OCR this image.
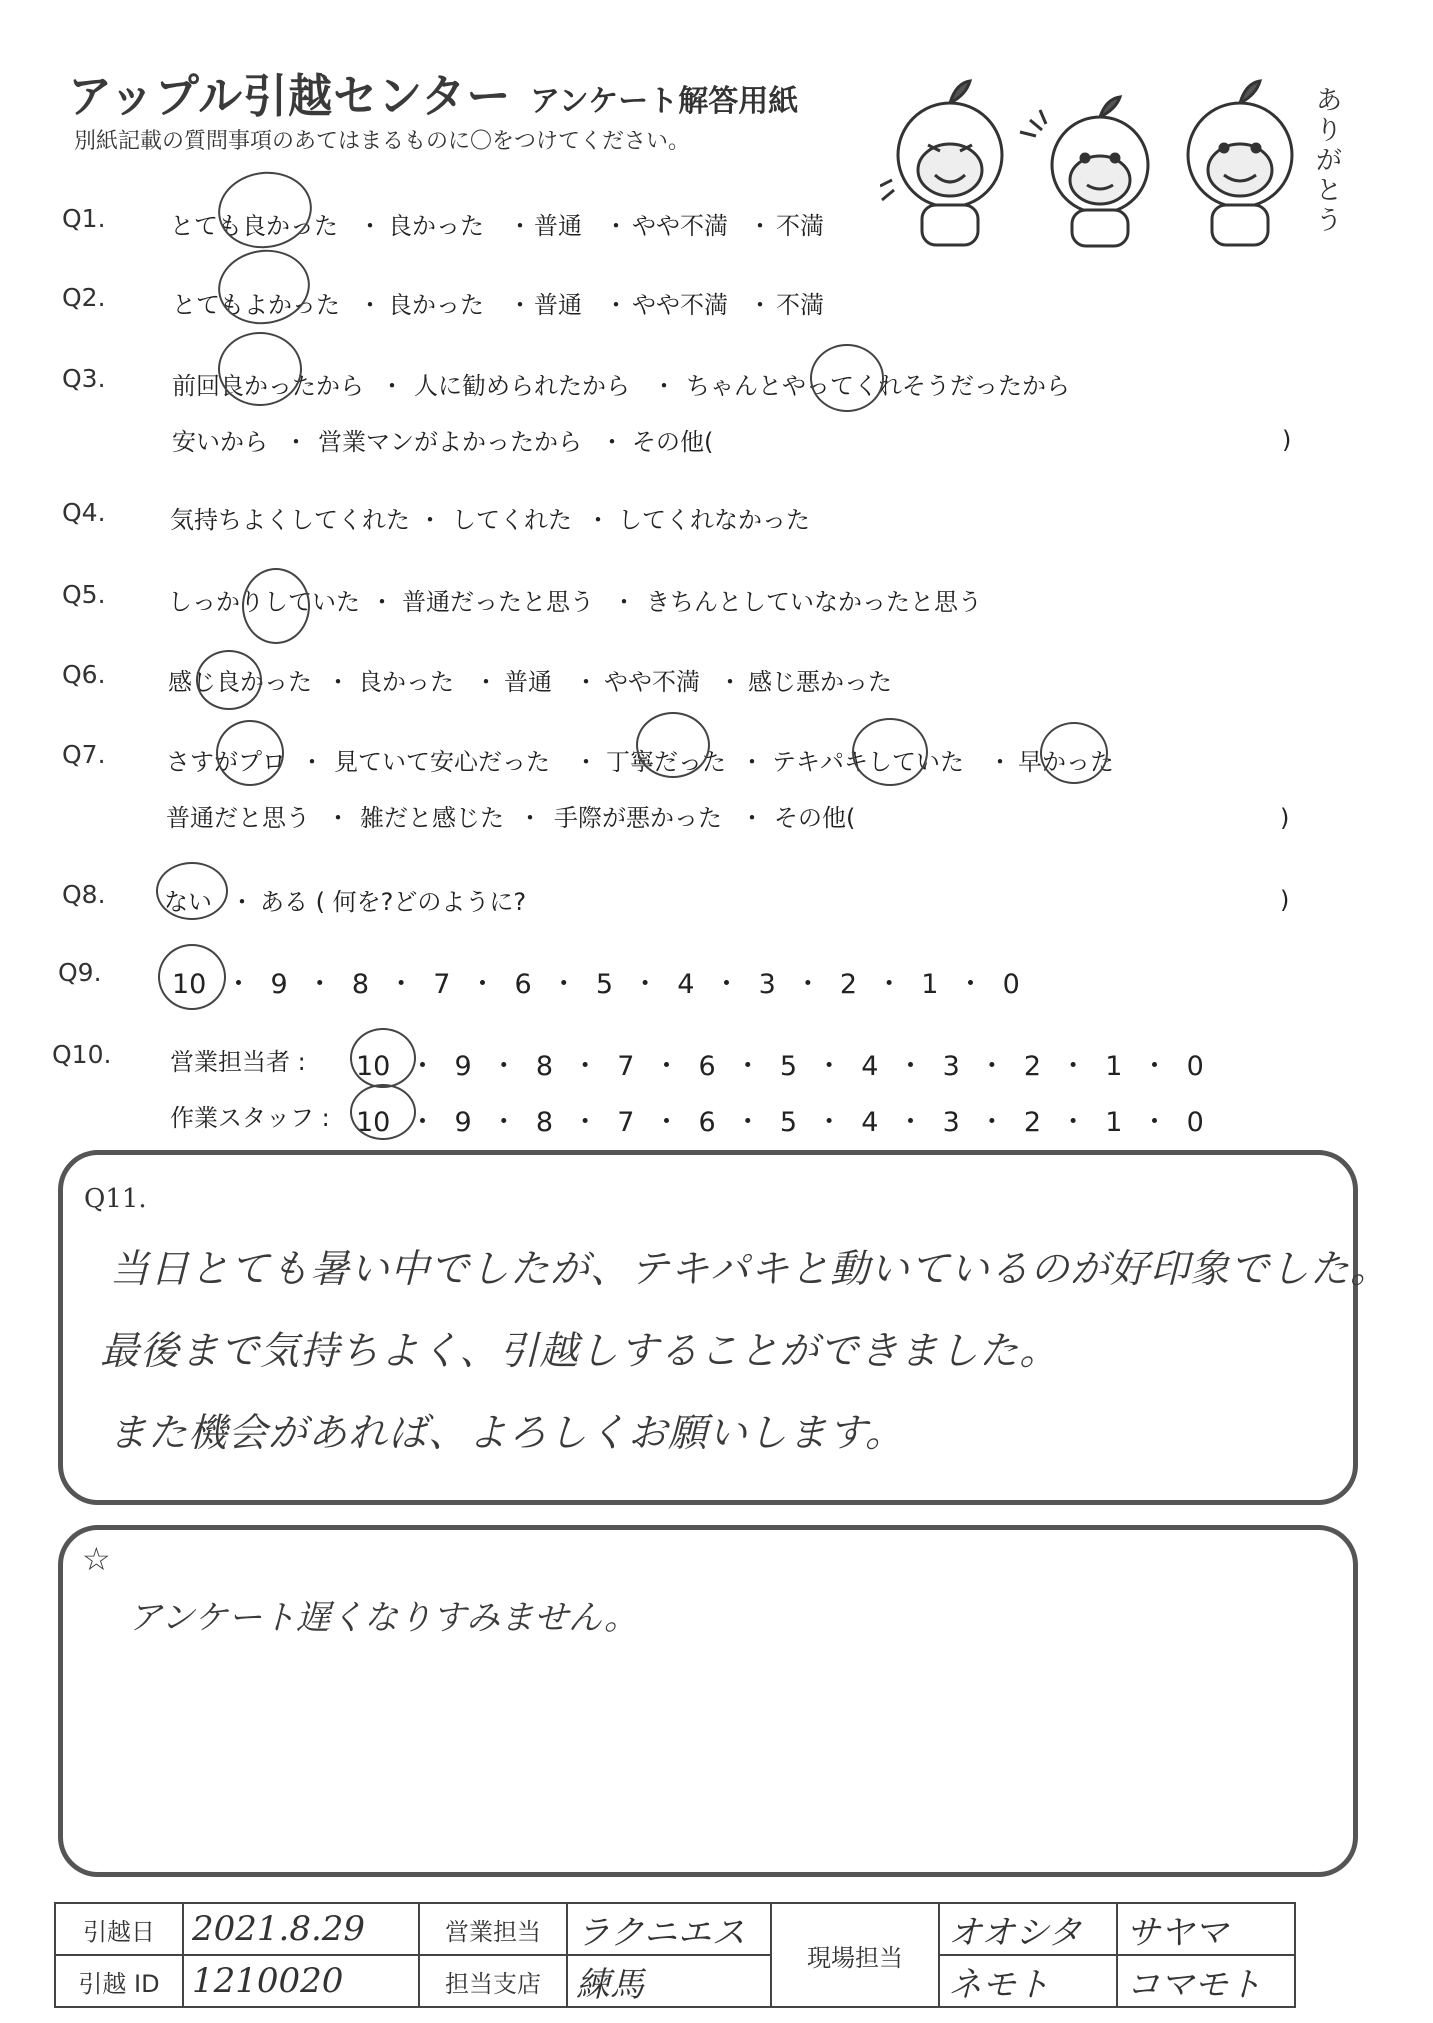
アップル引越センター アンケート解答用紙
別紙記載の質問事項のあてはまるものに〇をつけてください。
ありがとう
Q1.	とても良かった ・ 良かった ・ 普通 ・ やや不満 ・ 不満
Q2.	とてもよかった ・ 良かった ・ 普通 ・ やや不満 ・ 不満
Q3.	前回良かったから ・ 人に勧められたから ・ ちゃんとやってくれそうだったから
安いから ・ 営業マンがよかったから ・ その他(	)
Q4.	気持ちよくしてくれた ・ してくれた ・ してくれなかった
Q5.	しっかりしていた ・ 普通だったと思う ・ きちんとしていなかったと思う
Q6.	感じ良かった ・ 良かった ・ 普通 ・ やや不満 ・ 感じ悪かった
Q7.	さすがプロ ・ 見ていて安心だった ・ 丁寧だった ・ テキパキしていた ・ 早かった
普通だと思う ・ 雑だと感じた ・ 手際が悪かった ・ その他(	)
Q8. ない ・ ある ( 何を?どのように?	)
Q9.	10 ・ 9 ・ 8 ・ 7 ・ 6 ・ 5 ・ 4 ・ 3 ・ 2 ・ 1 ・ 0
Q10. 営業担当者 : 10 ・ 9 ・ 8 ・ 7 ・ 6 ・ 5 ・ 4 ・ 3 ・ 2 ・ 1 ・ 0
作業スタッフ : 10 ・ 9 ・ 8 ・ 7 ・ 6 ・ 5 ・ 4 ・ 3 ・ 2 ・ 1 ・ 0
Q11.
当日とても暑い中でしたが、テキパキと動いているのが好印象でした。
最後まで気持ちよく、引越しすることができました。
また機会があれば、よろしくお願いします。
☆
アンケート遅くなりすみません。
引越日	2021.8.29	営業担当	ラクニエス	現場担当	オオシタ	サヤマ
引越 ID	1210020	担当支店	練馬		ネモト	コマモト
